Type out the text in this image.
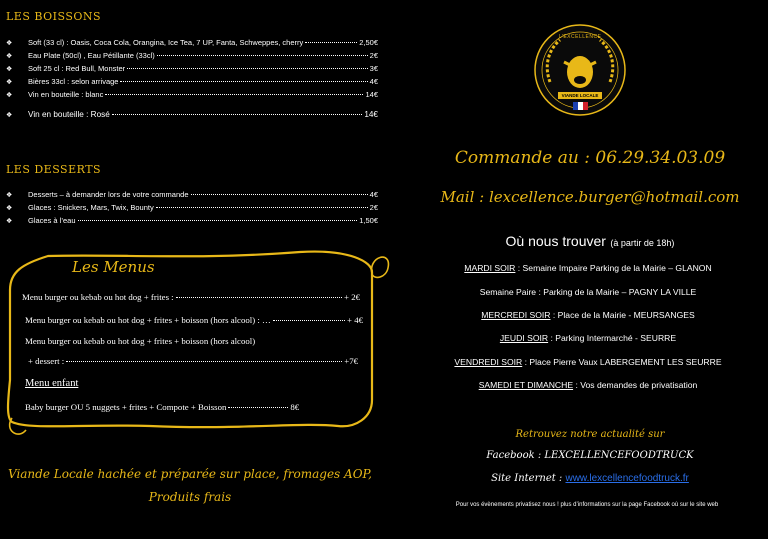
LES BOISSONS
❖	Soft (33 cl) : Oasis, Coca Cola, Orangina, Ice Tea, 7 UP, Fanta, Schweppes, cherry	2,50€
❖	Eau Plate (50cl) , Eau Pétillante (33cl)	2€
❖	Soft 25 cl : Red Bull, Monster	3€
❖	Bières 33cl : selon arrivage	4€
❖	Vin en bouteille : blanc	14€
❖	Vin en bouteille : Rosé	14€
LES DESSERTS
❖	Desserts – à demander lors de votre commande	4€
❖	Glaces : Snickers, Mars, Twix, Bounty	2€
❖	Glaces à l’eau	1,50€
Les Menus
Menu burger ou kebab ou hot dog + frites :	+ 2€
Menu burger ou kebab ou hot dog + frites + boisson (hors alcool) : …	+ 4€
Menu burger ou kebab ou hot dog + frites + boisson (hors alcool)
+ dessert :	+7€
Menu enfant
Baby burger OU 5 nuggets + frites + Compote + Boisson	8€
Viande Locale hachée et préparée sur place, fromages AOP,
Produits frais
L'EXCELLENCE
VIANDE LOCALE
Commande au : 06.29.34.03.09
Mail : lexcellence.burger@hotmail.com
Où nous trouver (à partir de 18h)
MARDI SOIR : Semaine Impaire Parking de la Mairie – GLANON
Semaine Paire : Parking de la Mairie – PAGNY LA VILLE
MERCREDI SOIR : Place de la Mairie - MEURSANGES
JEUDI SOIR : Parking Intermarché - SEURRE
VENDREDI SOIR : Place Pierre Vaux LABERGEMENT LES SEURRE
SAMEDI ET DIMANCHE : Vos demandes de privatisation
Retrouvez notre actualité sur
Facebook : LEXCELLENCEFOODTRUCK
Site Internet : www.lexcellencefoodtruck.fr
Pour vos évènements privatisez nous ! plus d’informations sur la page Facebook où sur le site web
